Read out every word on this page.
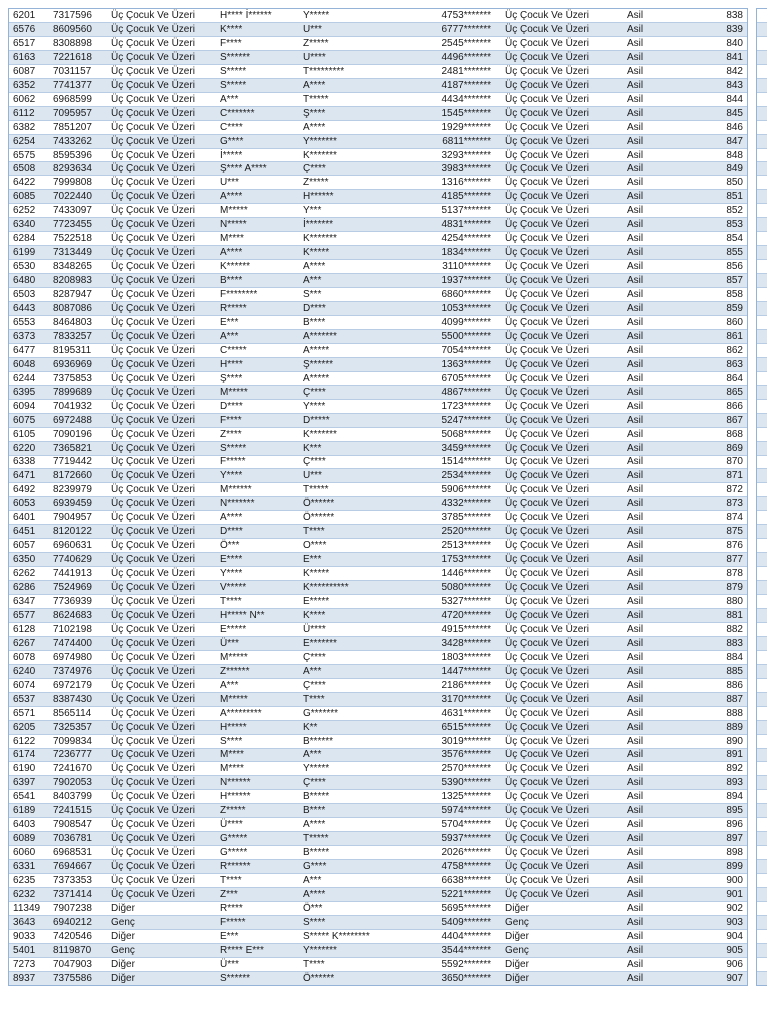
6201	7317596	Üç Çocuk Ve Üzeri	H**** İ******	Y*****	4753******* Üç Çocuk Ve Üzeri	Asil	838
6576	8609560	Üç Çocuk Ve Üzeri	K****	U***	6777******* Üç Çocuk Ve Üzeri	Asil	839
6517	8308898	Üç Çocuk Ve Üzeri	F****	Z*****	2545******* Üç Çocuk Ve Üzeri	Asil	840
6163	7221618	Üç Çocuk Ve Üzeri	S******	U****	4496******* Üç Çocuk Ve Üzeri	Asil	841
6087	7031157	Üç Çocuk Ve Üzeri	S*****	T*********	2481******* Üç Çocuk Ve Üzeri	Asil	842
6352	7741377	Üç Çocuk Ve Üzeri	S*****	A****	4187******* Üç Çocuk Ve Üzeri	Asil	843
6062	6968599	Üç Çocuk Ve Üzeri	A***	T*****	4434******* Üç Çocuk Ve Üzeri	Asil	844
6112	7095957	Üç Çocuk Ve Üzeri	C*******	Ş****	1545******* Üç Çocuk Ve Üzeri	Asil	845
6382	7851207	Üç Çocuk Ve Üzeri	C****	A****	1929******* Üç Çocuk Ve Üzeri	Asil	846
6254	7433262	Üç Çocuk Ve Üzeri	G****	Y*******	6811******* Üç Çocuk Ve Üzeri	Asil	847
6575	8595396	Üç Çocuk Ve Üzeri	İ*****	K*******	3293******* Üç Çocuk Ve Üzeri	Asil	848
6508	8293634	Üç Çocuk Ve Üzeri	Ş**** A****	Ç****	3983******* Üç Çocuk Ve Üzeri	Asil	849
6422	7999808	Üç Çocuk Ve Üzeri	U***	Z*****	1316******* Üç Çocuk Ve Üzeri	Asil	850
6085	7022440	Üç Çocuk Ve Üzeri	A****	H******	4185******* Üç Çocuk Ve Üzeri	Asil	851
6252	7433097	Üç Çocuk Ve Üzeri	M*****	Y***	5137******* Üç Çocuk Ve Üzeri	Asil	852
6340	7723455	Üç Çocuk Ve Üzeri	N*****	İ*******	4831******* Üç Çocuk Ve Üzeri	Asil	853
6284	7522518	Üç Çocuk Ve Üzeri	M****	K*******	4254******* Üç Çocuk Ve Üzeri	Asil	854
6199	7313449	Üç Çocuk Ve Üzeri	A****	K*****	1834******* Üç Çocuk Ve Üzeri	Asil	855
6530	8348265	Üç Çocuk Ve Üzeri	K******	A****	3110******* Üç Çocuk Ve Üzeri	Asil	856
6480	8208983	Üç Çocuk Ve Üzeri	B****	A***	1937******* Üç Çocuk Ve Üzeri	Asil	857
6503	8287947	Üç Çocuk Ve Üzeri	F********	S***	6860******* Üç Çocuk Ve Üzeri	Asil	858
6443	8087086	Üç Çocuk Ve Üzeri	R*****	D****	1053******* Üç Çocuk Ve Üzeri	Asil	859
6553	8464803	Üç Çocuk Ve Üzeri	E***	B****	4099******* Üç Çocuk Ve Üzeri	Asil	860
6373	7833257	Üç Çocuk Ve Üzeri	A***	A*******	5500******* Üç Çocuk Ve Üzeri	Asil	861
6477	8195311	Üç Çocuk Ve Üzeri	C*****	A*****	7054******* Üç Çocuk Ve Üzeri	Asil	862
6048	6936969	Üç Çocuk Ve Üzeri	H****	Ş******	1363******* Üç Çocuk Ve Üzeri	Asil	863
6244	7375853	Üç Çocuk Ve Üzeri	Ş****	A*****	6705******* Üç Çocuk Ve Üzeri	Asil	864
6395	7899689	Üç Çocuk Ve Üzeri	M*****	Ç****	4867******* Üç Çocuk Ve Üzeri	Asil	865
6094	7041932	Üç Çocuk Ve Üzeri	D****	Y****	1723******* Üç Çocuk Ve Üzeri	Asil	866
6075	6972488	Üç Çocuk Ve Üzeri	F****	D*****	5247******* Üç Çocuk Ve Üzeri	Asil	867
6105	7090196	Üç Çocuk Ve Üzeri	Z****	K*******	5068******* Üç Çocuk Ve Üzeri	Asil	868
6220	7365821	Üç Çocuk Ve Üzeri	S*****	K***	3459******* Üç Çocuk Ve Üzeri	Asil	869
6338	7719442	Üç Çocuk Ve Üzeri	F*****	Ç****	1514******* Üç Çocuk Ve Üzeri	Asil	870
6471	8172660	Üç Çocuk Ve Üzeri	Y****	U***	2534******* Üç Çocuk Ve Üzeri	Asil	871
6492	8239979	Üç Çocuk Ve Üzeri	M******	T*****	5906******* Üç Çocuk Ve Üzeri	Asil	872
6053	6939459	Üç Çocuk Ve Üzeri	N*******	Ö******	4332******* Üç Çocuk Ve Üzeri	Asil	873
6401	7904957	Üç Çocuk Ve Üzeri	A****	Ö******	3785******* Üç Çocuk Ve Üzeri	Asil	874
6451	8120122	Üç Çocuk Ve Üzeri	D****	T****	2520******* Üç Çocuk Ve Üzeri	Asil	875
6057	6960631	Üç Çocuk Ve Üzeri	Ö***	O****	2513******* Üç Çocuk Ve Üzeri	Asil	876
6350	7740629	Üç Çocuk Ve Üzeri	E****	E***	1753******* Üç Çocuk Ve Üzeri	Asil	877
6262	7441913	Üç Çocuk Ve Üzeri	Y****	K*****	1446******* Üç Çocuk Ve Üzeri	Asil	878
6286	7524969	Üç Çocuk Ve Üzeri	V*****	K**********	5080******* Üç Çocuk Ve Üzeri	Asil	879
6347	7736939	Üç Çocuk Ve Üzeri	T****	E*****	5327******* Üç Çocuk Ve Üzeri	Asil	880
6577	8624683	Üç Çocuk Ve Üzeri	H***** N**	K****	4720******* Üç Çocuk Ve Üzeri	Asil	881
6128	7102198	Üç Çocuk Ve Üzeri	E*****	Ü****	4915******* Üç Çocuk Ve Üzeri	Asil	882
6267	7474400	Üç Çocuk Ve Üzeri	Ü***	E*******	3428******* Üç Çocuk Ve Üzeri	Asil	883
6078	6974980	Üç Çocuk Ve Üzeri	M*****	Ç****	1803******* Üç Çocuk Ve Üzeri	Asil	884
6240	7374976	Üç Çocuk Ve Üzeri	Z******	A***	1447******* Üç Çocuk Ve Üzeri	Asil	885
6074	6972179	Üç Çocuk Ve Üzeri	A***	Ç****	2186******* Üç Çocuk Ve Üzeri	Asil	886
6537	8387430	Üç Çocuk Ve Üzeri	M*****	T****	3170******* Üç Çocuk Ve Üzeri	Asil	887
6571	8565114	Üç Çocuk Ve Üzeri	A*********	G*******	4631******* Üç Çocuk Ve Üzeri	Asil	888
6205	7325357	Üç Çocuk Ve Üzeri	H*****	K**	6515******* Üç Çocuk Ve Üzeri	Asil	889
6122	7099834	Üç Çocuk Ve Üzeri	S****	B******	3019******* Üç Çocuk Ve Üzeri	Asil	890
6174	7236777	Üç Çocuk Ve Üzeri	M****	A***	3576******* Üç Çocuk Ve Üzeri	Asil	891
6190	7241670	Üç Çocuk Ve Üzeri	M****	Y*****	2570******* Üç Çocuk Ve Üzeri	Asil	892
6397	7902053	Üç Çocuk Ve Üzeri	N******	Ç****	5390******* Üç Çocuk Ve Üzeri	Asil	893
6541	8403799	Üç Çocuk Ve Üzeri	H******	B*****	1325******* Üç Çocuk Ve Üzeri	Asil	894
6189	7241515	Üç Çocuk Ve Üzeri	Z*****	B****	5974******* Üç Çocuk Ve Üzeri	Asil	895
6403	7908547	Üç Çocuk Ve Üzeri	Ü****	A****	5704******* Üç Çocuk Ve Üzeri	Asil	896
6089	7036781	Üç Çocuk Ve Üzeri	G*****	T*****	5937******* Üç Çocuk Ve Üzeri	Asil	897
6060	6968531	Üç Çocuk Ve Üzeri	G*****	B*****	2026******* Üç Çocuk Ve Üzeri	Asil	898
6331	7694667	Üç Çocuk Ve Üzeri	R******	G****	4758******* Üç Çocuk Ve Üzeri	Asil	899
6235	7373353	Üç Çocuk Ve Üzeri	T****	A***	6638******* Üç Çocuk Ve Üzeri	Asil	900
6232	7371414	Üç Çocuk Ve Üzeri	Z***	A****	5221******* Üç Çocuk Ve Üzeri	Asil	901
11349	7907238	Diğer	R****	Ö***	5695******* Diğer	Asil	902
3643	6940212	Genç	F*****	S****	5409******* Genç	Asil	903
9033	7420546	Diğer	E***	S***** K********	4404******* Diğer	Asil	904
5401	8119870	Genç	R**** E***	Y*******	3544******* Genç	Asil	905
7273	7047903	Diğer	Ü***	T****	5592******* Diğer	Asil	906
8937	7375586	Diğer	S******	Ö******	3650******* Diğer	Asil	907
